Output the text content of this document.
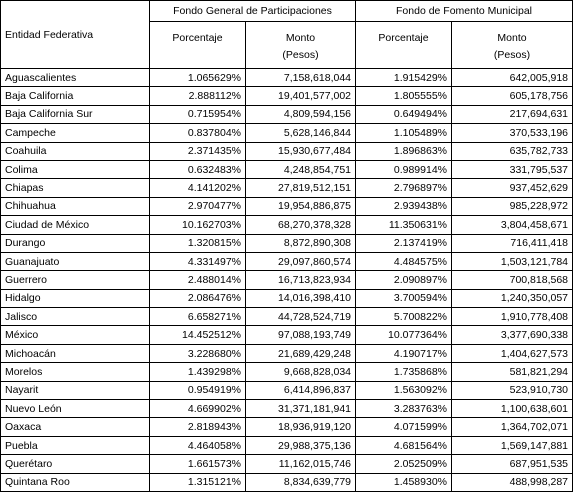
Entidad Federativa	Fondo General de Participaciones		Fondo de Fomento Municipal	
	Porcentaje	Monto	Porcentaje	Monto
		(Pesos)		(Pesos)
Aguascalientes	1.065629%	7,158,618,044	1.915429%	642,005,918
Baja California	2.888112%	19,401,577,002	1.805555%	605,178,756
Baja California Sur	0.715954%	4,809,594,156	0.649494%	217,694,631
Campeche	0.837804%	5,628,146,844	1.105489%	370,533,196
Coahuila	2.371435%	15,930,677,484	1.896863%	635,782,733
Colima	0.632483%	4,248,854,751	0.989914%	331,795,537
Chiapas	4.141202%	27,819,512,151	2.796897%	937,452,629
Chihuahua	2.970477%	19,954,886,875	2.939438%	985,228,972
Ciudad de México	10.162703%	68,270,378,328	11.350631%	3,804,458,671
Durango	1.320815%	8,872,890,308	2.137419%	716,411,418
Guanajuato	4.331497%	29,097,860,574	4.484575%	1,503,121,784
Guerrero	2.488014%	16,713,823,934	2.090897%	700,818,568
Hidalgo	2.086476%	14,016,398,410	3.700594%	1,240,350,057
Jalisco	6.658271%	44,728,524,719	5.700822%	1,910,778,408
México	14.452512%	97,088,193,749	10.077364%	3,377,690,338
Michoacán	3.228680%	21,689,429,248	4.190717%	1,404,627,573
Morelos	1.439298%	9,668,828,034	1.735868%	581,821,294
Nayarit	0.954919%	6,414,896,837	1.563092%	523,910,730
Nuevo León	4.669902%	31,371,181,941	3.283763%	1,100,638,601
Oaxaca	2.818943%	18,936,919,120	4.071599%	1,364,702,071
Puebla	4.464058%	29,988,375,136	4.681564%	1,569,147,881
Querétaro	1.661573%	11,162,015,746	2.052509%	687,951,535
Quintana Roo	1.315121%	8,834,639,779	1.458930%	488,998,287
